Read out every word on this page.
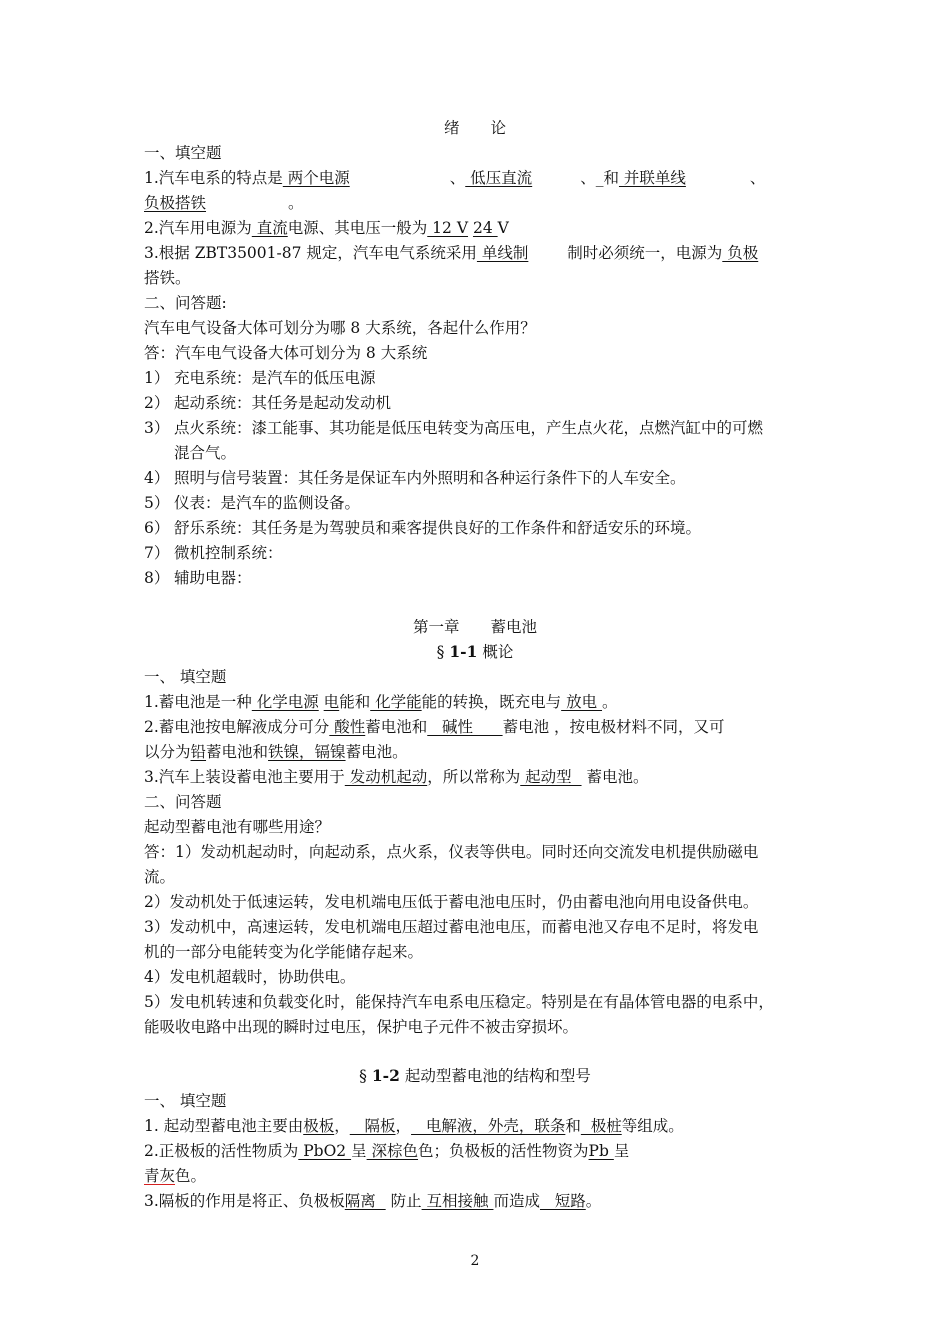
绪　　论
一、填空题
1.汽车电系的特点是 两个电源	、 低压直流	、_和 并联单线	、
负极搭铁	。
2.汽车用电源为 直流电源、其电压一般为 12 V 24 V
3.根据 ZBT35001-87 规定，汽车电气系统采用 单线制 制时必须统一，电源为 负极
搭铁。
二、问答题:
汽车电气设备大体可划分为哪 8 大系统，各起什么作用？
答：汽车电气设备大体可划分为 8 大系统
1） 充电系统：是汽车的低压电源
2） 起动系统：其任务是起动发动机
3） 点火系统：漆工能事、其功能是低压电转变为高压电，产生点火花，点燃汽缸中的可燃
混合气。
4） 照明与信号装置：其任务是保证车内外照明和各种运行条件下的人车安全。
5） 仪表：是汽车的监侧设备。
6） 舒乐系统：其任务是为驾驶员和乘客提供良好的工作条件和舒适安乐的环境。
7） 微机控制系统：
8） 辅助电器：
第一章　　蓄电池
§ 1-1 概论
一、 填空题
1.蓄电池是一种 化学电源 电能和 化学能能的转换，既充电与 放电 。
2.蓄电池按电解液成分可分 酸性蓄电池和   碱性      蓄电池 ，按电极材料不同，又可
以分为铅蓄电池和铁镍，镉镍蓄电池。
3.汽车上装设蓄电池主要用于 发动机起动，所以常称为 起动型   蓄电池。
二、问答题
起动型蓄电池有哪些用途？
答：1）发动机起动时，向起动系，点火系，仪表等供电。同时还向交流发电机提供励磁电
流。
2）发动机处于低速运转，发电机端电压低于蓄电池电压时，仍由蓄电池向用电设备供电。
3）发动机中，高速运转，发电机端电压超过蓄电池电压，而蓄电池又存电不足时，将发电
机的一部分电能转变为化学能储存起来。
4）发电机超载时，协助供电。
5）发电机转速和负载变化时，能保持汽车电系电压稳定。特别是在有晶体管电器的电系中，
能吸收电路中出现的瞬时过电压，保护电子元件不被击穿损坏。
§ 1-2 起动型蓄电池的结构和型号
一、 填空题
1. 起动型蓄电池主要由极板，   隔板，   电解液，外壳，联条和  极桩等组成。
2.正极板的活性物质为 PbO2 呈 深棕色色；负极板的活性物资为Pb 呈
青灰色。
3.隔板的作用是将正、负极板隔离   防止 互相接触 而造成   短路。
2
